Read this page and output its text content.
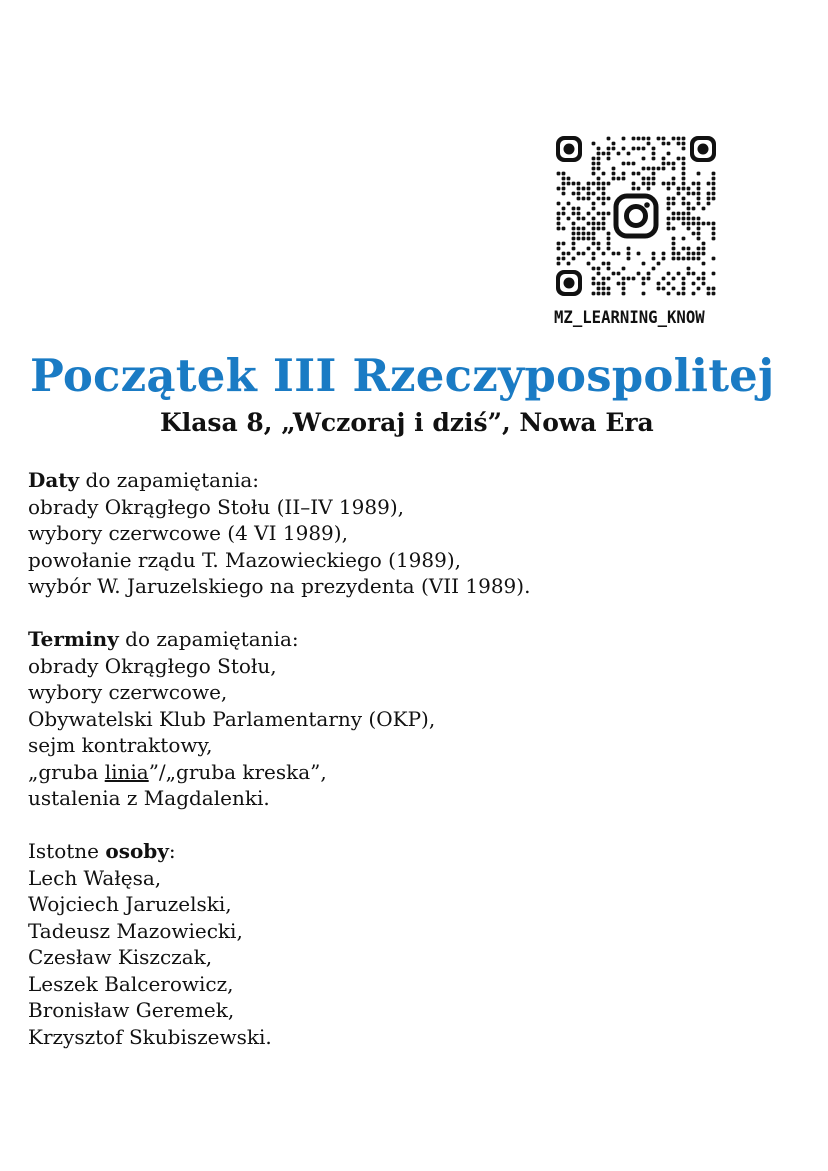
MZ_LEARNING_KNOW
Początek III Rzeczypospolitej
Klasa 8, „Wczoraj i dziś”, Nowa Era
Daty do zapamiętania:
obrady Okrągłego Stołu (II–IV 1989),
wybory czerwcowe (4 VI 1989),
powołanie rządu T. Mazowieckiego (1989),
wybór W. Jaruzelskiego na prezydenta (VII 1989).
Terminy do zapamiętania:
obrady Okrągłego Stołu,
wybory czerwcowe,
Obywatelski Klub Parlamentarny (OKP),
sejm kontraktowy,
„gruba linia”/„gruba kreska”,
ustalenia z Magdalenki.
Istotne osoby:
Lech Wałęsa,
Wojciech Jaruzelski,
Tadeusz Mazowiecki,
Czesław Kiszczak,
Leszek Balcerowicz,
Bronisław Geremek,
Krzysztof Skubiszewski.
